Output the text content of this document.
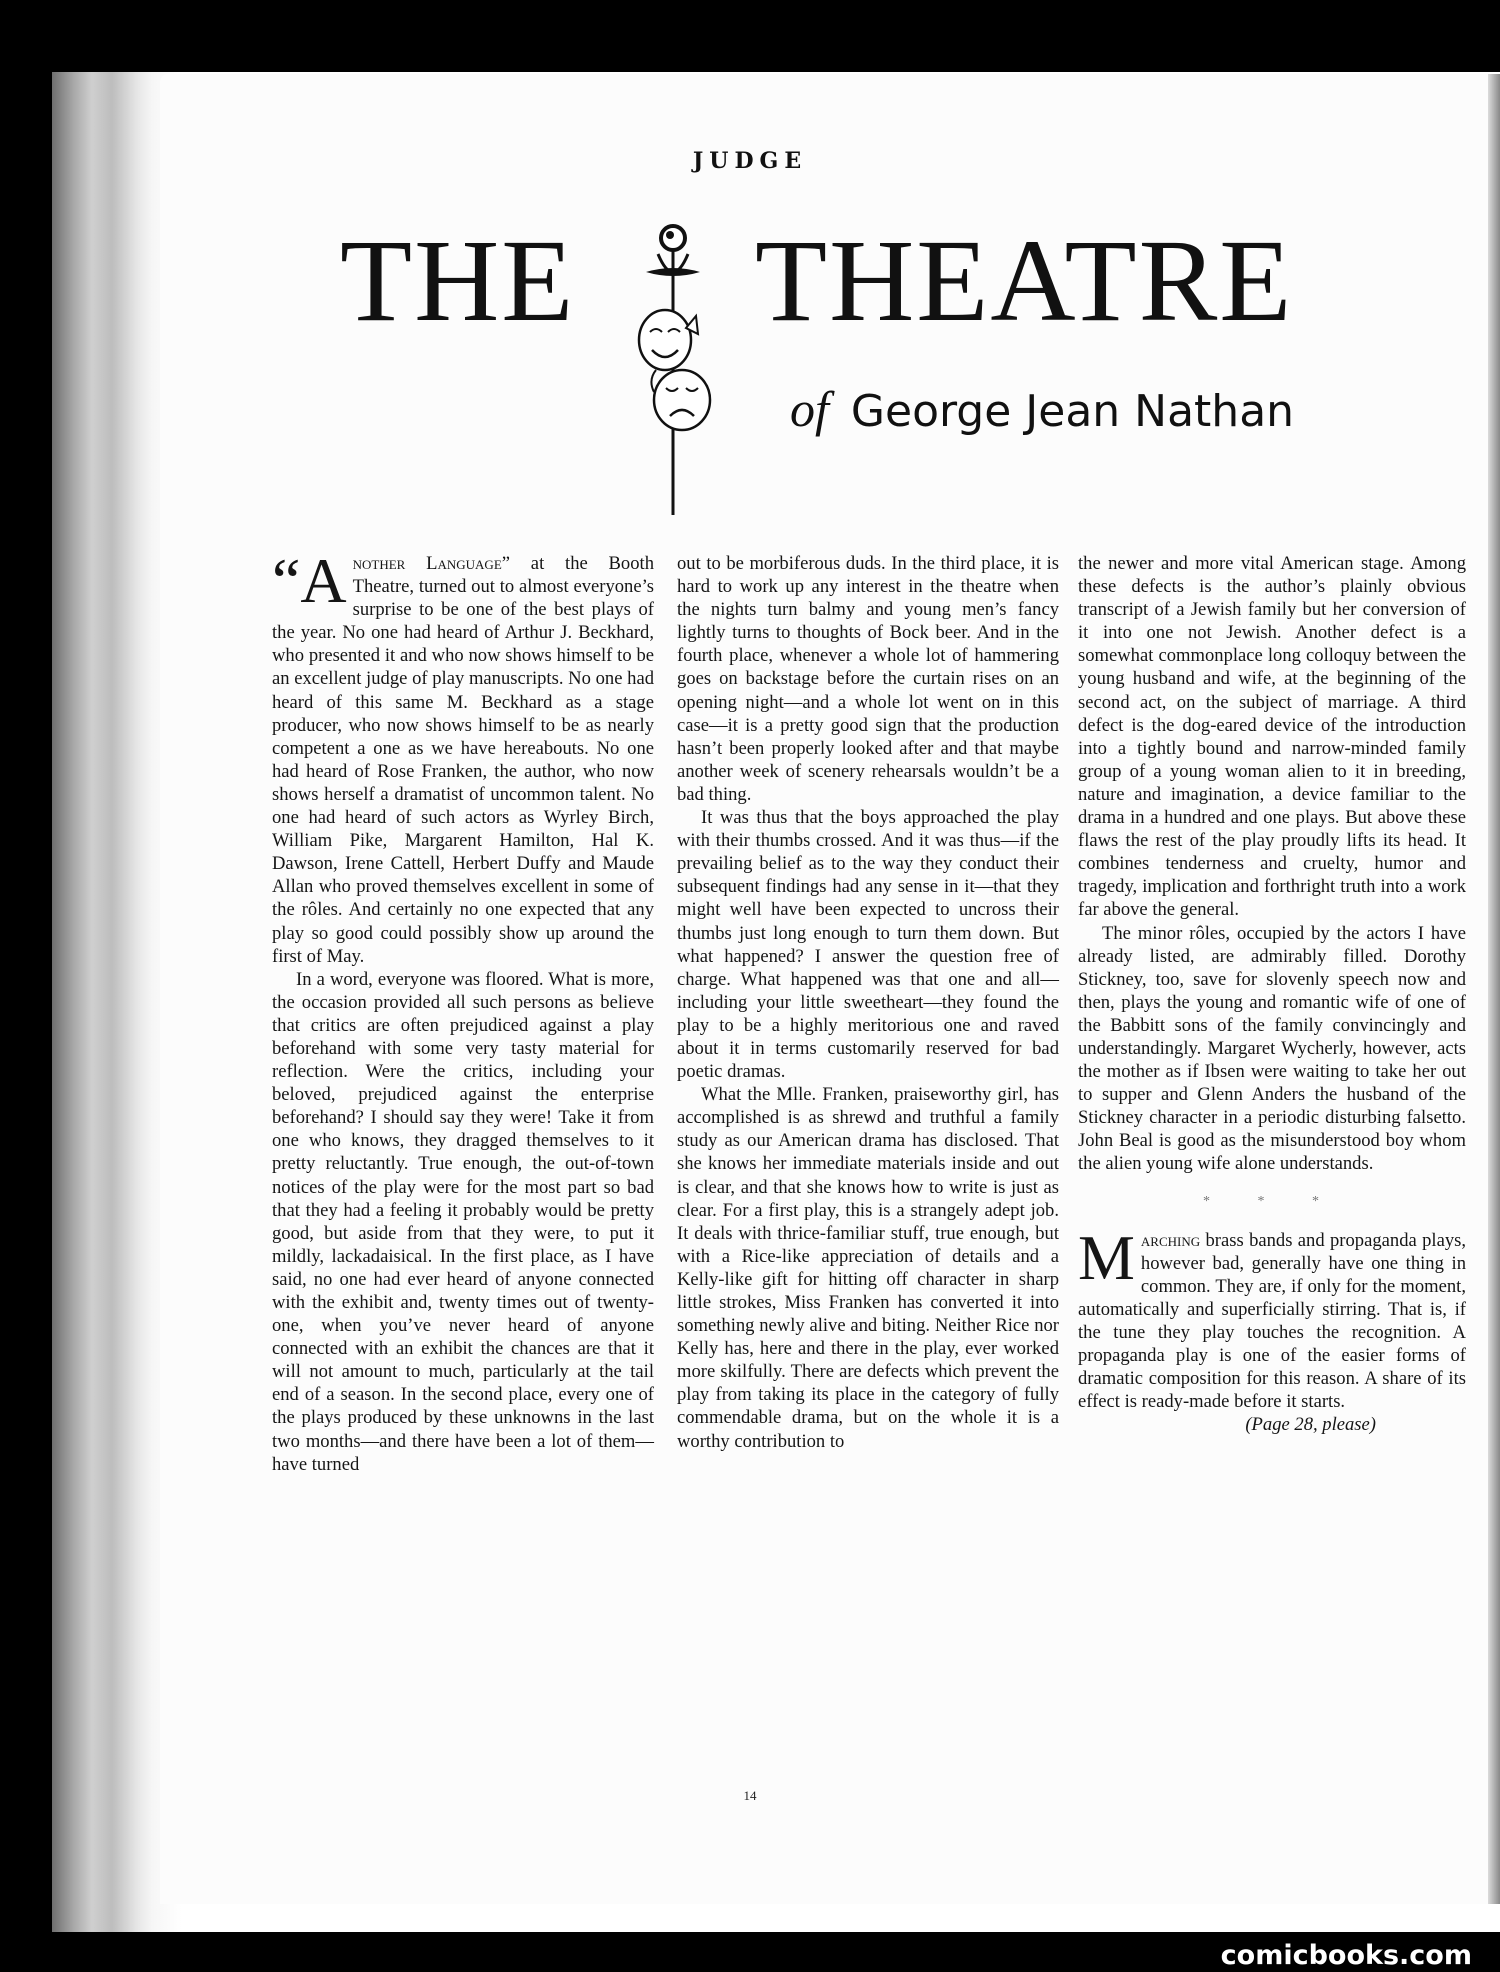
JUDGE
THE THEATRE
of George Jean Nathan

“Another Language” at the Booth Theatre, turned out to almost everyone’s surprise to be one of the best plays of the year. No one had heard of Arthur J. Beckhard, who presented it and who now shows himself to be an excellent judge of play manuscripts. No one had heard of this same M. Beckhard as a stage producer, who now shows himself to be as nearly competent a one as we have hereabouts. No one had heard of Rose Franken, the author, who now shows herself a dramatist of uncommon talent. No one had heard of such actors as Wyrley Birch, William Pike, Margarent Hamilton, Hal K. Dawson, Irene Cattell, Herbert Duffy and Maude Allan who proved themselves excellent in some of the rôles. And certainly no one expected that any play so good could possibly show up around the first of May.

In a word, everyone was floored. What is more, the occasion provided all such persons as believe that critics are often prejudiced against a play beforehand with some very tasty material for reflection. Were the critics, including your beloved, prejudiced against the enterprise beforehand? I should say they were! Take it from one who knows, they dragged themselves to it pretty reluctantly. True enough, the out-of-town notices of the play were for the most part so bad that they had a feeling it probably would be pretty good, but aside from that they were, to put it mildly, lackadaisical. In the first place, as I have said, no one had ever heard of anyone connected with the exhibit and, twenty times out of twenty-one, when you’ve never heard of anyone connected with an exhibit the chances are that it will not amount to much, particularly at the tail end of a season. In the second place, every one of the plays produced by these unknowns in the last two months—and there have been a lot of them—have turned

out to be morbiferous duds. In the third place, it is hard to work up any interest in the theatre when the nights turn balmy and young men’s fancy lightly turns to thoughts of Bock beer. And in the fourth place, whenever a whole lot of hammering goes on backstage before the curtain rises on an opening night—and a whole lot went on in this case—it is a pretty good sign that the production hasn’t been properly looked after and that maybe another week of scenery rehearsals wouldn’t be a bad thing.

It was thus that the boys approached the play with their thumbs crossed. And it was thus—if the prevailing belief as to the way they conduct their subsequent findings had any sense in it—that they might well have been expected to uncross their thumbs just long enough to turn them down. But what happened? I answer the question free of charge. What happened was that one and all—including your little sweetheart—they found the play to be a highly meritorious one and raved about it in terms customarily reserved for bad poetic dramas.

What the Mlle. Franken, praiseworthy girl, has accomplished is as shrewd and truthful a family study as our American drama has disclosed. That she knows her immediate materials inside and out is clear, and that she knows how to write is just as clear. For a first play, this is a strangely adept job. It deals with thrice-familiar stuff, true enough, but with a Rice-like appreciation of details and a Kelly-like gift for hitting off character in sharp little strokes, Miss Franken has converted it into something newly alive and biting. Neither Rice nor Kelly has, here and there in the play, ever worked more skilfully. There are defects which prevent the play from taking its place in the category of fully commendable drama, but on the whole it is a worthy contribution to

the newer and more vital American stage. Among these defects is the author’s plainly obvious transcript of a Jewish family but her conversion of it into one not Jewish. Another defect is a somewhat commonplace long colloquy between the young husband and wife, at the beginning of the second act, on the subject of marriage. A third defect is the dog-eared device of the introduction into a tightly bound and narrow-minded family group of a young woman alien to it in breeding, nature and imagination, a device familiar to the drama in a hundred and one plays. But above these flaws the rest of the play proudly lifts its head. It combines tenderness and cruelty, humor and tragedy, implication and forthright truth into a work far above the general.

The minor rôles, occupied by the actors I have already listed, are admirably filled. Dorothy Stickney, too, save for slovenly speech now and then, plays the young and romantic wife of one of the Babbitt sons of the family convincingly and understandingly. Margaret Wycherly, however, acts the mother as if Ibsen were waiting to take her out to supper and Glenn Anders the husband of the Stickney character in a periodic disturbing falsetto. John Beal is good as the misunderstood boy whom the alien young wife alone understands.

* * *

Marching brass bands and propaganda plays, however bad, generally have one thing in common. They are, if only for the moment, automatically and superficially stirring. That is, if the tune they play touches the recognition. A propaganda play is one of the easier forms of dramatic composition for this reason. A share of its effect is ready-made before it starts.

(Page 28, please)

14
comicbooks.com
